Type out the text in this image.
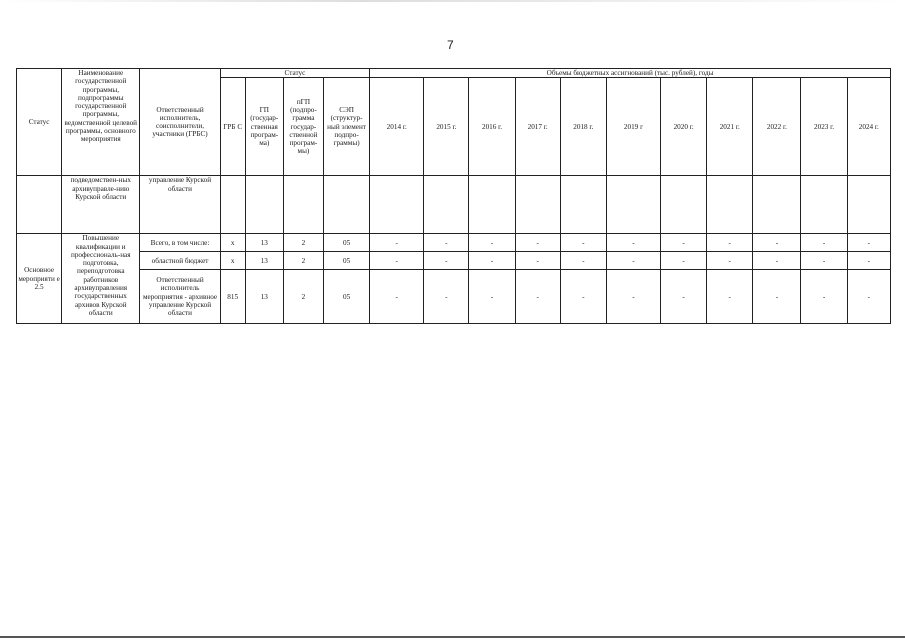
7
Статус	Наименование государственной программы, подпрограммы государственной программы, ведомственной целевой программы, основного мероприятия	Ответственный исполнитель, соисполнители, участники (ГРБС)	Статус				Объемы бюджетных ассигнований (тыс. рублей), годы										
			ГРБ С	ГП (государ-ственная програм-ма)	пГП (подпро-грамма государ-ственной програм-мы)	СЭП (структур-ный элемент подпро-граммы)	2014 г.	2015 г.	2016 г.	2017 г.	2018 г.	2019 г	2020 г.	2021 г.	2022 г.	2023 г.	2024 г.
	подведомствен-ных архивуправле-нию Курской области	управление Курской области															
Основное мероприяти е 2.5	Повышение квалификации и профессиональ-ная подготовка, переподготовка работников архивуправления государственных архивов Курской области	Всего, в том числе:	х	13	2	05	-	-	-	-	-	-	-	-	-	-	-
		областной бюджет	х	13	2	05	-	-	-	-	-	-	-	-	-	-	-
		Ответственный исполнитель мероприятия - архивное управление Курской области	815	13	2	05	-	-	-	-	-	-	-	-	-	-	-
